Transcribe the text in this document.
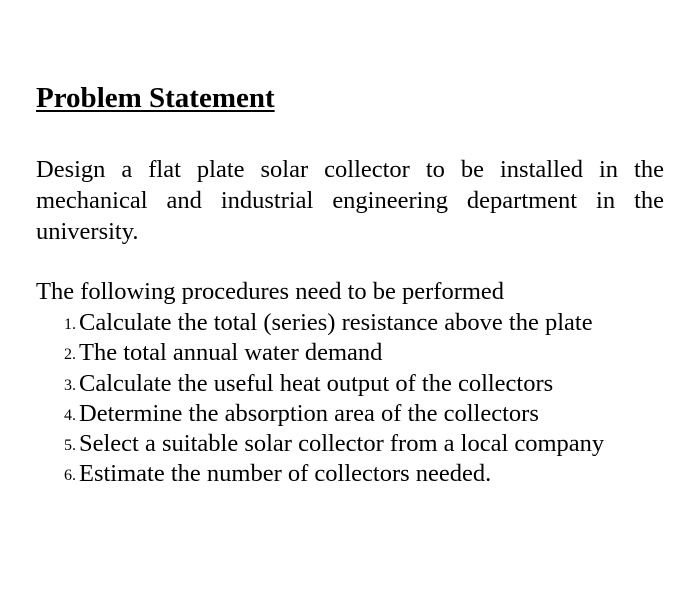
Problem Statement

Design a flat plate solar collector to be installed in the mechanical and industrial engineering department in the university.

The following procedures need to be performed
1. Calculate the total (series) resistance above the plate
2. The total annual water demand
3. Calculate the useful heat output of the collectors
4. Determine the absorption area of the collectors
5. Select a suitable solar collector from a local company
6. Estimate the number of collectors needed.
